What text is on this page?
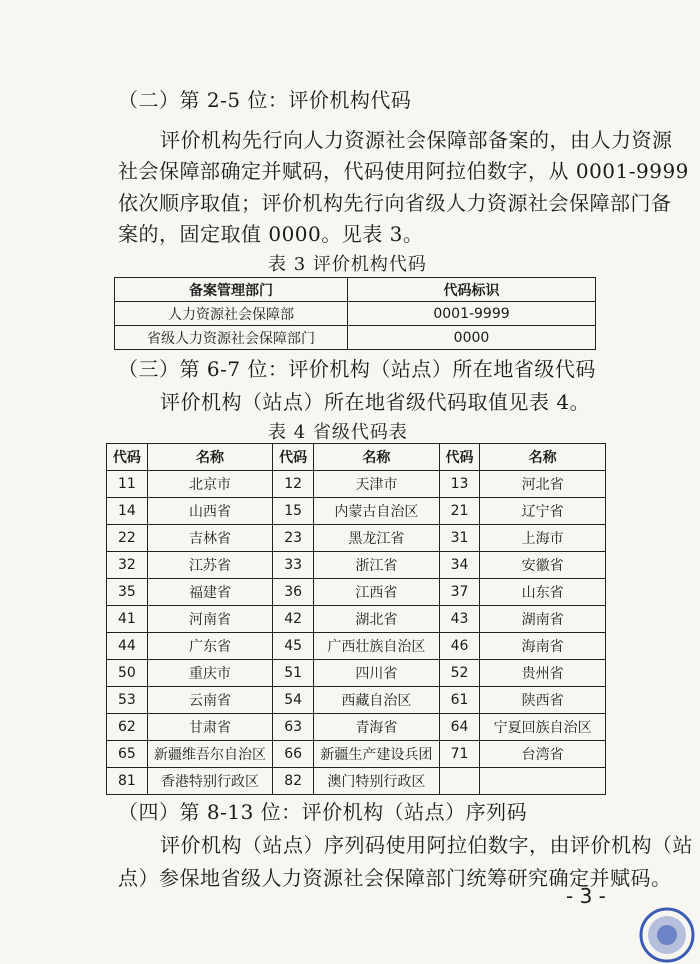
（二）第 2-5 位：评价机构代码
评价机构先行向人力资源社会保障部备案的，由人力资源
社会保障部确定并赋码，代码使用阿拉伯数字，从 0001-9999
依次顺序取值；评价机构先行向省级人力资源社会保障部门备
案的，固定取值 0000。见表 3。
表 3 评价机构代码
备案管理部门	代码标识
人力资源社会保障部	0001-9999
省级人力资源社会保障部门	0000
（三）第 6-7 位：评价机构（站点）所在地省级代码
评价机构（站点）所在地省级代码取值见表 4。
表 4 省级代码表
代码	名称	代码	名称	代码	名称
11	北京市	12	天津市	13	河北省
14	山西省	15	内蒙古自治区	21	辽宁省
22	吉林省	23	黑龙江省	31	上海市
32	江苏省	33	浙江省	34	安徽省
35	福建省	36	江西省	37	山东省
41	河南省	42	湖北省	43	湖南省
44	广东省	45	广西壮族自治区	46	海南省
50	重庆市	51	四川省	52	贵州省
53	云南省	54	西藏自治区	61	陕西省
62	甘肃省	63	青海省	64	宁夏回族自治区
65	新疆维吾尔自治区	66	新疆生产建设兵团	71	台湾省
81	香港特别行政区	82	澳门特别行政区		
（四）第 8-13 位：评价机构（站点）序列码
评价机构（站点）序列码使用阿拉伯数字，由评价机构（站
点）参保地省级人力资源社会保障部门统筹研究确定并赋码。
- 3 -
